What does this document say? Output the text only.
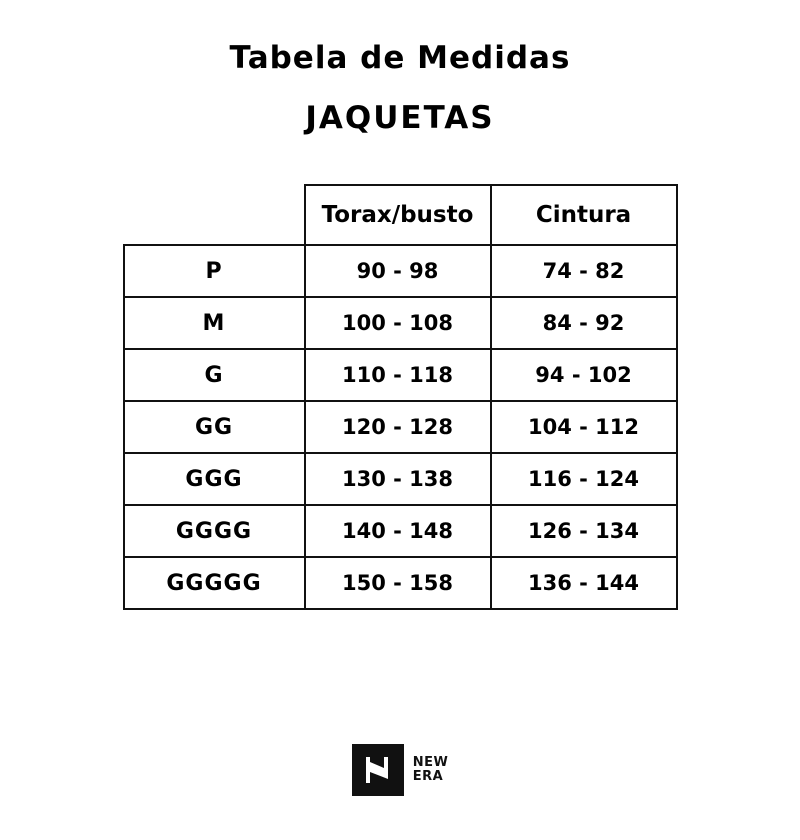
Tabela de Medidas
JAQUETAS
	Torax/busto	Cintura
P	90 - 98	74 - 82
M	100 - 108	84 - 92
G	110 - 118	94 - 102
GG	120 - 128	104 - 112
GGG	130 - 138	116 - 124
GGGG	140 - 148	126 - 134
GGGGG	150 - 158	136 - 144
NEW
ERA
